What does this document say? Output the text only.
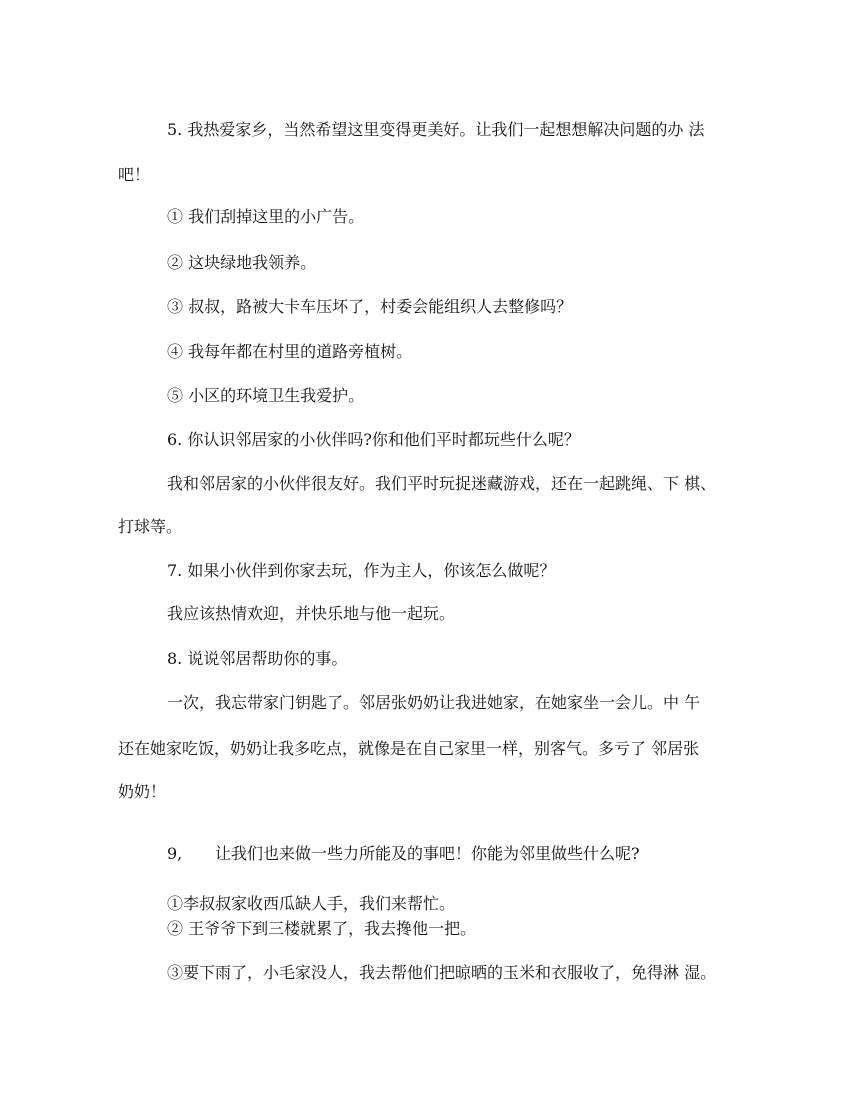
5. 我热爱家乡，当然希望这里变得更美好。让我们一起想想解决问题的办 法

吧！

① 我们刮掉这里的小广告。

② 这块绿地我领养。

③ 叔叔，路被大卡车压坏了，村委会能组织人去整修吗？

④ 我每年都在村里的道路旁植树。

⑤ 小区的环境卫生我爱护。

6. 你认识邻居家的小伙伴吗?你和他们平时都玩些什么呢？

我和邻居家的小伙伴很友好。我们平时玩捉迷藏游戏，还在一起跳绳、下 棋、

打球等。

7. 如果小伙伴到你家去玩，作为主人，你该怎么做呢？

我应该热情欢迎，并快乐地与他一起玩。

8. 说说邻居帮助你的事。

一次，我忘带家门钥匙了。邻居张奶奶让我进她家，在她家坐一会儿。中 午

还在她家吃饭，奶奶让我多吃点，就像是在自己家里一样，别客气。多亏了 邻居张

奶奶！

9, 让我们也来做一些力所能及的事吧！你能为邻里做些什么呢?

①李叔叔家收西瓜缺人手，我们来帮忙。

② 王爷爷下到三楼就累了，我去搀他一把。

③要下雨了，小毛家没人，我去帮他们把晾晒的玉米和衣服收了，免得淋 湿。
